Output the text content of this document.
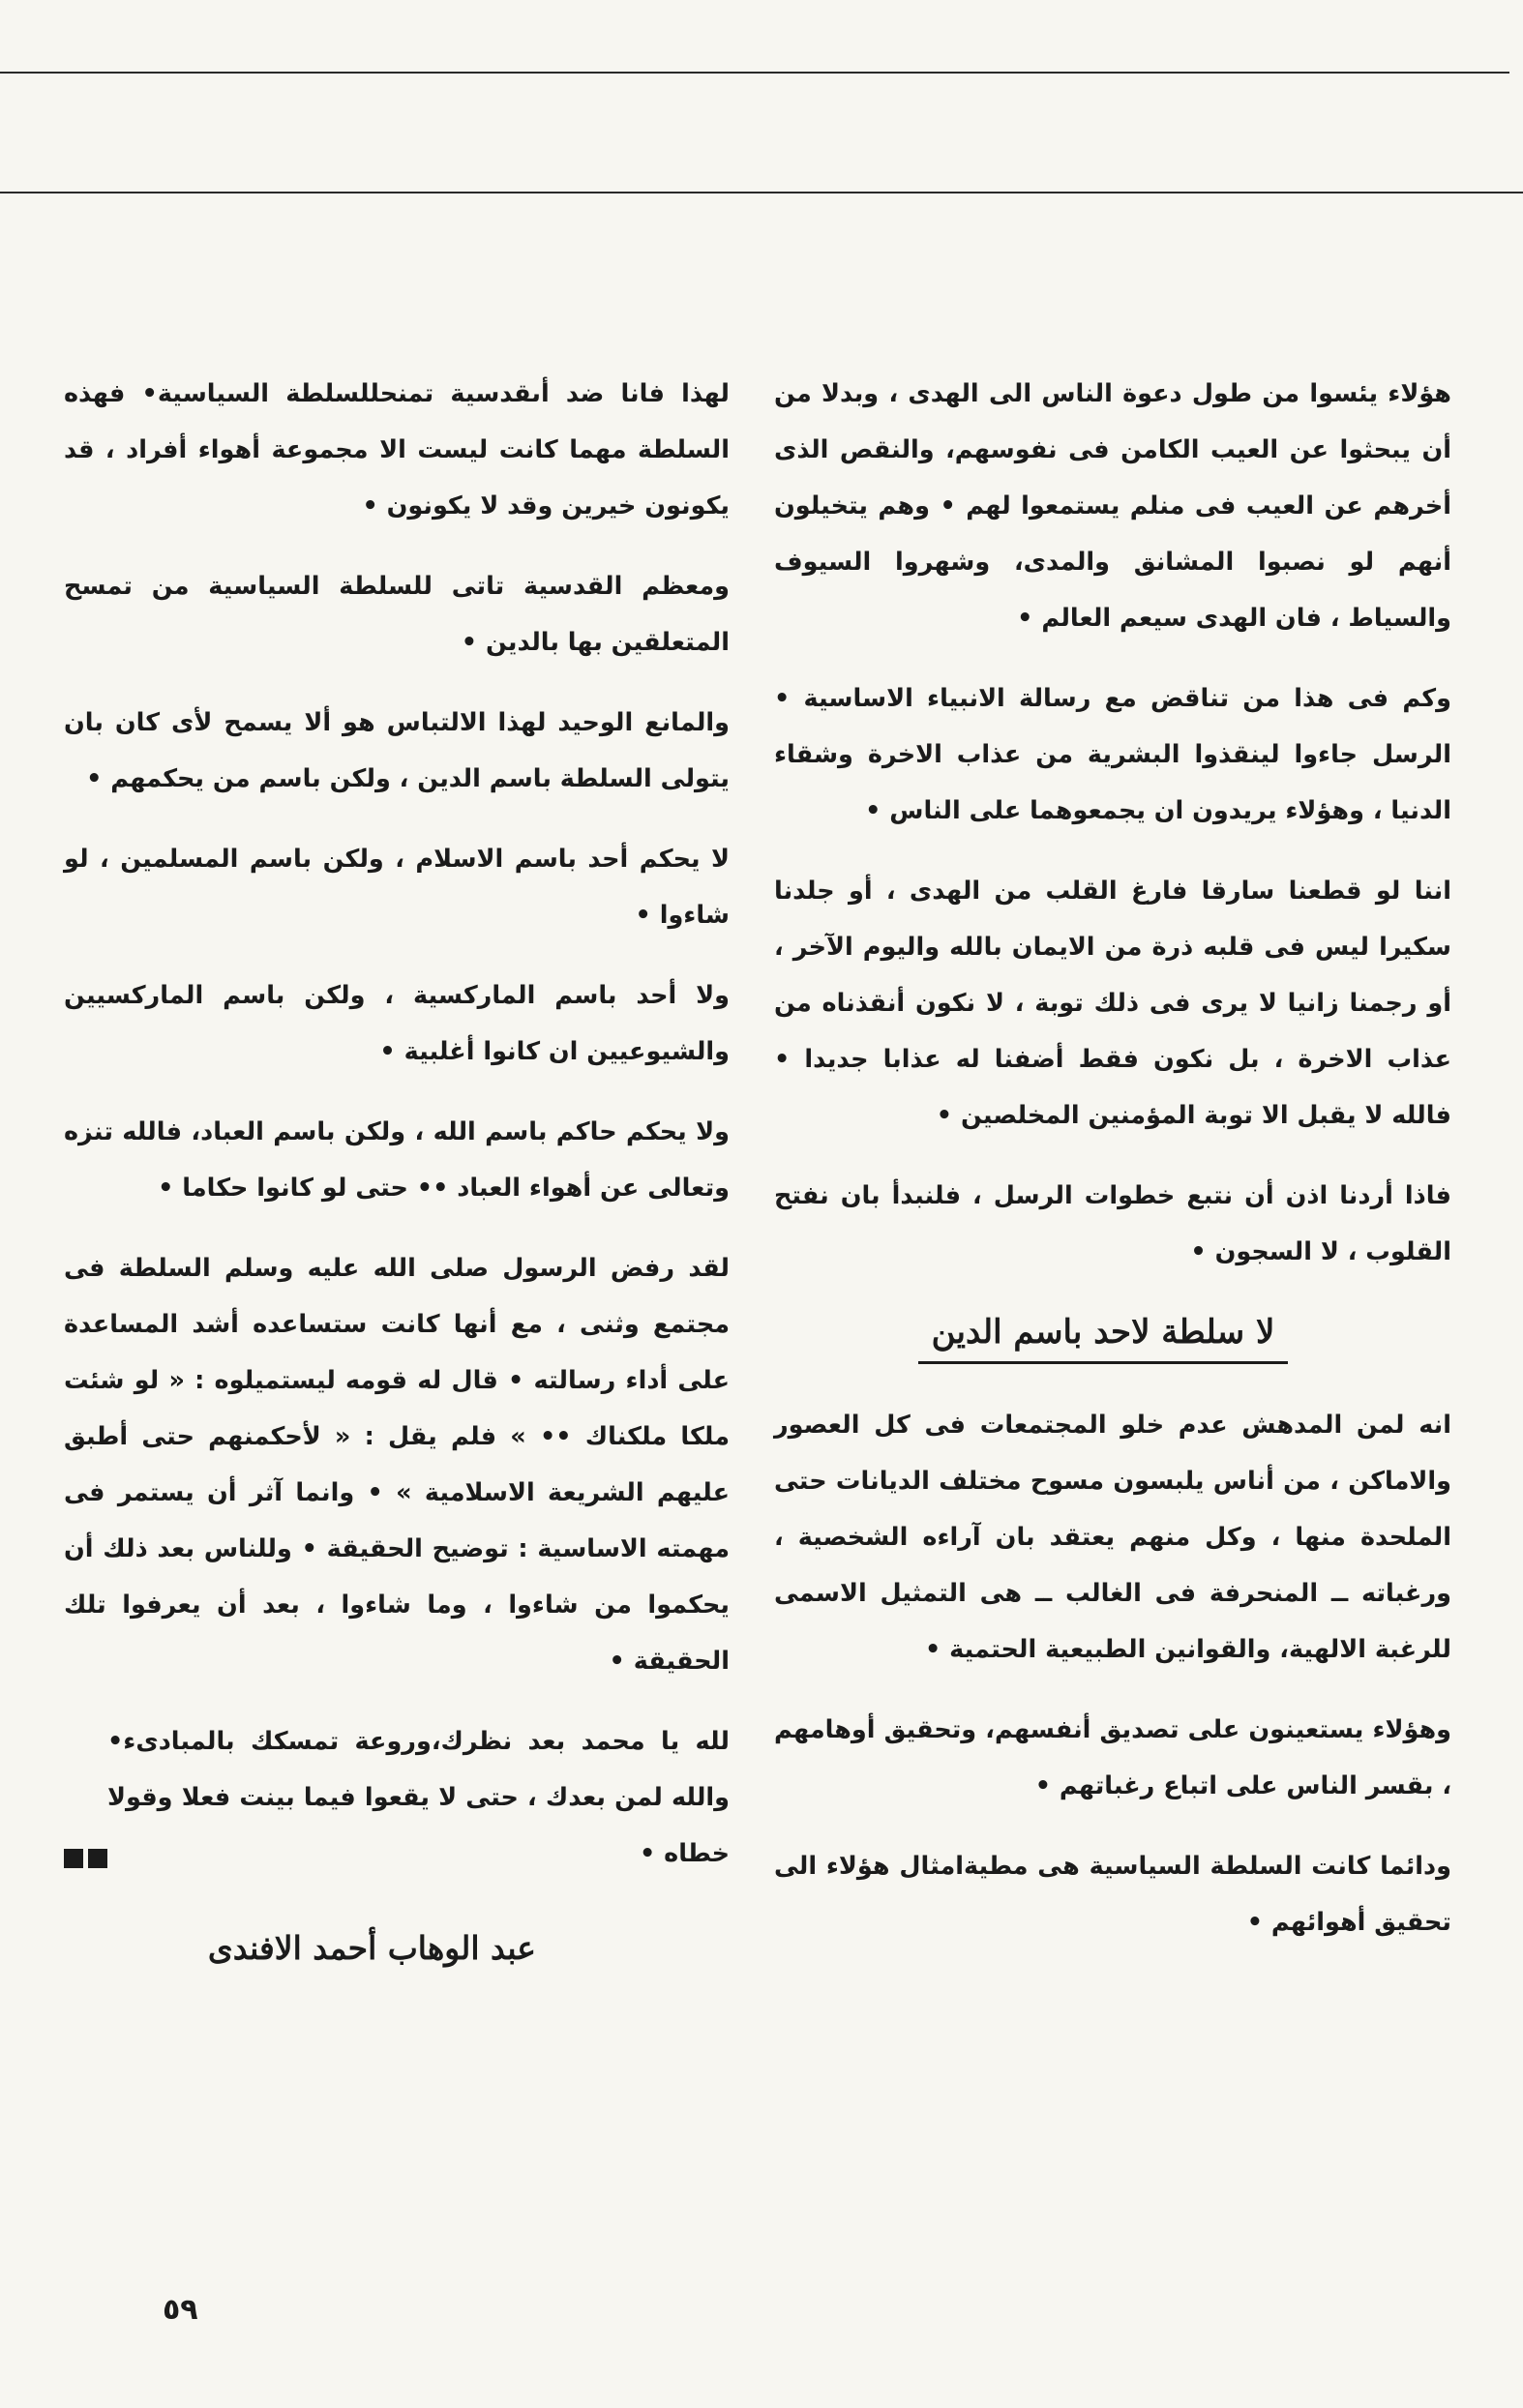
هؤلاء يئسوا من طول دعوة الناس الى الهدى ، وبدلا من أن يبحثوا عن العيب الكامن فى نفوسهم، والنقص الذى أخرهم عن العيب فى منلم يستمعوا لهم • وهم يتخيلون أنهم لو نصبوا المشانق والمدى، وشهروا السيوف والسياط ، فان الهدى سيعم العالم •

وكم فى هذا من تناقض مع رسالة الانبياء الاساسية • الرسل جاءوا لينقذوا البشرية من عذاب الاخرة وشقاء الدنيا ، وهؤلاء يريدون ان يجمعوهما على الناس •

اننا لو قطعنا سارقا فارغ القلب من الهدى ، أو جلدنا سكيرا ليس فى قلبه ذرة من الايمان بالله واليوم الآخر ، أو رجمنا زانيا لا يرى فى ذلك توبة ، لا نكون أنقذناه من عذاب الاخرة ، بل نكون فقط أضفنا له عذابا جديدا • فالله لا يقبل الا توبة المؤمنين المخلصين •

فاذا أردنا اذن أن نتبع خطوات الرسل ، فلنبدأ بان نفتح القلوب ، لا السجون •

لا سلطة لاحد باسم الدين

انه لمن المدهش عدم خلو المجتمعات فى كل العصور والاماكن ، من أناس يلبسون مسوح مختلف الديانات حتى الملحدة منها ، وكل منهم يعتقد بان آراءه الشخصية ، ورغباته ــ المنحرفة فى الغالب ــ هى التمثيل الاسمى للرغبة الالهية، والقوانين الطبيعية الحتمية •

وهؤلاء يستعينون على تصديق أنفسهم، وتحقيق أوهامهم ، بقسر الناس على اتباع رغباتهم •

ودائما كانت السلطة السياسية هى مطيةامثال هؤلاء الى تحقيق أهوائهم •

لهذا فانا ضد أىقدسية تمنحللسلطة السياسية• فهذه السلطة مهما كانت ليست الا مجموعة أهواء أفراد ، قد يكونون خيرين وقد لا يكونون •

ومعظم القدسية تاتى للسلطة السياسية من تمسح المتعلقين بها بالدين •

والمانع الوحيد لهذا الالتباس هو ألا يسمح لأى كان بان يتولى السلطة باسم الدين ، ولكن باسم من يحكمهم •

لا يحكم أحد باسم الاسلام ، ولكن باسم المسلمين ، لو شاءوا •

ولا أحد باسم الماركسية ، ولكن باسم الماركسيين والشيوعيين ان كانوا أغلبية •

ولا يحكم حاكم باسم الله ، ولكن باسم العباد، فالله تنزه وتعالى عن أهواء العباد •• حتى لو كانوا حكاما •

لقد رفض الرسول صلى الله عليه وسلم السلطة فى مجتمع وثنى ، مع أنها كانت ستساعده أشد المساعدة على أداء رسالته • قال له قومه ليستميلوه : « لو شئت ملكا ملكناك •• » فلم يقل : « لأحكمنهم حتى أطبق عليهم الشريعة الاسلامية » • وانما آثر أن يستمر فى مهمته الاساسية : توضيح الحقيقة • وللناس بعد ذلك أن يحكموا من شاءوا ، وما شاءوا ، بعد أن يعرفوا تلك الحقيقة •

لله يا محمد بعد نظرك،وروعة تمسكك بالمبادىء• والله لمن بعدك ، حتى لا يقعوا فيما بينت فعلا وقولا خطاه •

عبد الوهاب أحمد الافندى
٥٩
